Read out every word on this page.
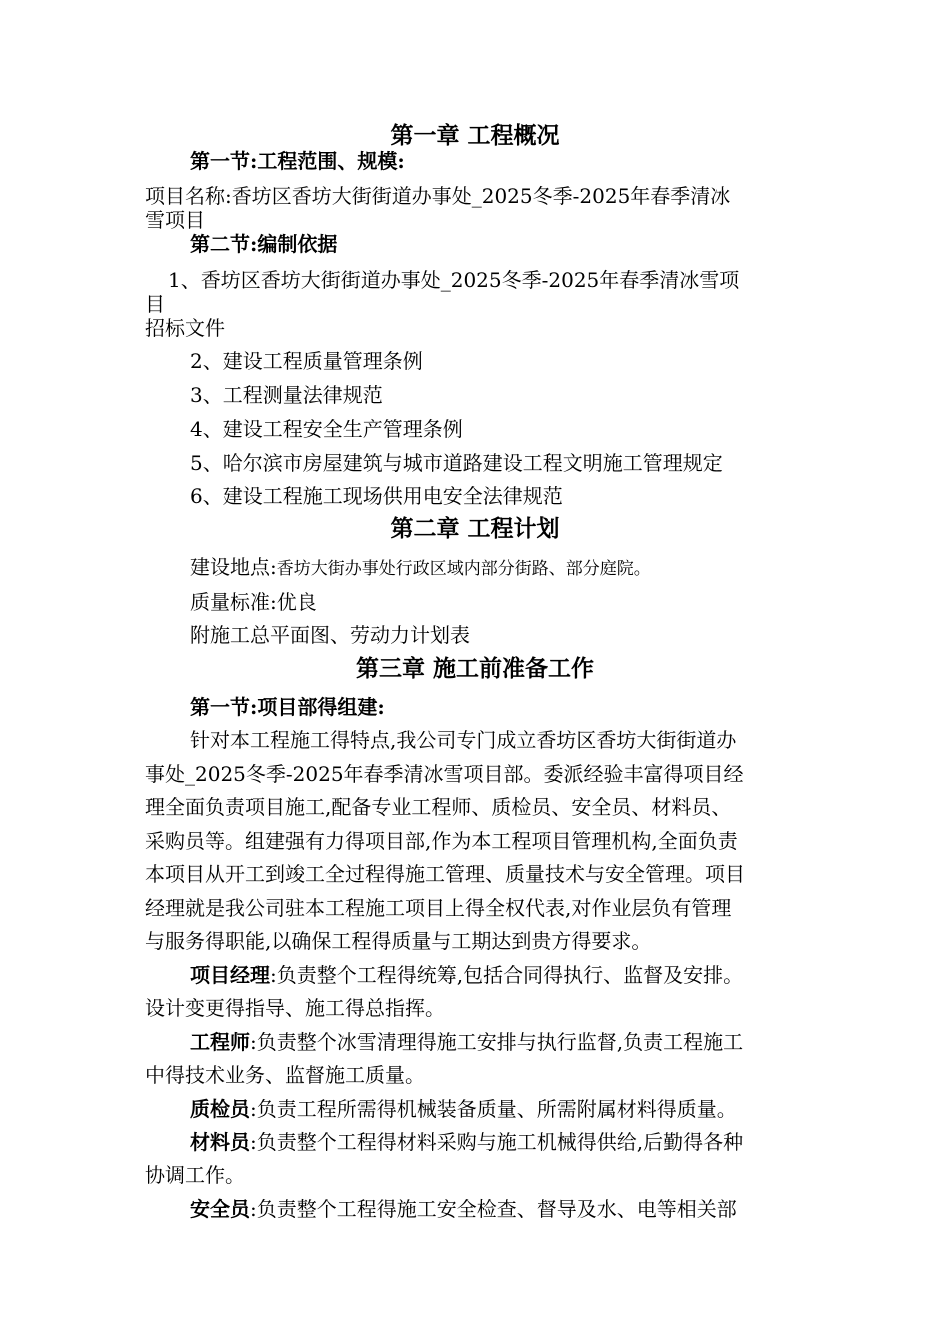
第一章 工程概况
第一节:工程范围、规模:
项目名称:香坊区香坊大街街道办事处_2025冬季-2025年春季清冰
雪项目
第二节:编制依据
1、香坊区香坊大街街道办事处_2025冬季-2025年春季清冰雪项
目
招标文件
2、建设工程质量管理条例
3、工程测量法律规范
4、建设工程安全生产管理条例
5、哈尔滨市房屋建筑与城市道路建设工程文明施工管理规定
6、建设工程施工现场供用电安全法律规范
第二章 工程计划
建设地点:香坊大街办事处行政区域内部分街路、部分庭院。
质量标准:优良
附施工总平面图、劳动力计划表
第三章 施工前准备工作
第一节:项目部得组建:
针对本工程施工得特点,我公司专门成立香坊区香坊大街街道办
事处_2025冬季-2025年春季清冰雪项目部。委派经验丰富得项目经
理全面负责项目施工,配备专业工程师、质检员、安全员、材料员、
采购员等。组建强有力得项目部,作为本工程项目管理机构,全面负责
本项目从开工到竣工全过程得施工管理、质量技术与安全管理。项目
经理就是我公司驻本工程施工项目上得全权代表,对作业层负有管理
与服务得职能,以确保工程得质量与工期达到贵方得要求。
项目经理:负责整个工程得统筹,包括合同得执行、监督及安排。
设计变更得指导、施工得总指挥。
工程师:负责整个冰雪清理得施工安排与执行监督,负责工程施工
中得技术业务、监督施工质量。
质检员:负责工程所需得机械装备质量、所需附属材料得质量。
材料员:负责整个工程得材料采购与施工机械得供给,后勤得各种
协调工作。
安全员:负责整个工程得施工安全检查、督导及水、电等相关部
